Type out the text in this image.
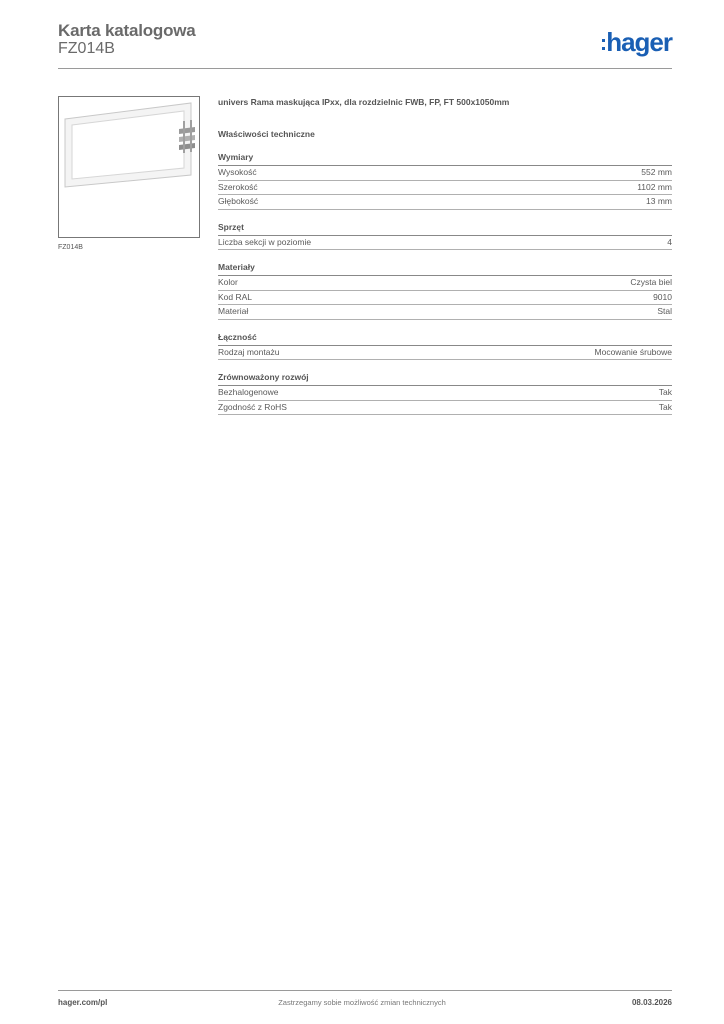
Karta katalogowa
FZ014B	hager
FZ014B
univers Rama maskująca IPxx, dla rozdzielnic FWB, FP, FT 500x1050mm
Właściwości techniczne
Wymiary
Wysokość	552 mm
Szerokość	1102 mm
Głębokość	13 mm
Sprzęt
Liczba sekcji w poziomie	4
Materiały
Kolor	Czysta biel
Kod RAL	9010
Materiał	Stal
Łączność
Rodzaj montażu	Mocowanie śrubowe
Zrównoważony rozwój
Bezhalogenowe	Tak
Zgodność z RoHS	Tak
hager.com/pl	Zastrzegamy sobie możliwość zmian technicznych	08.03.2026
